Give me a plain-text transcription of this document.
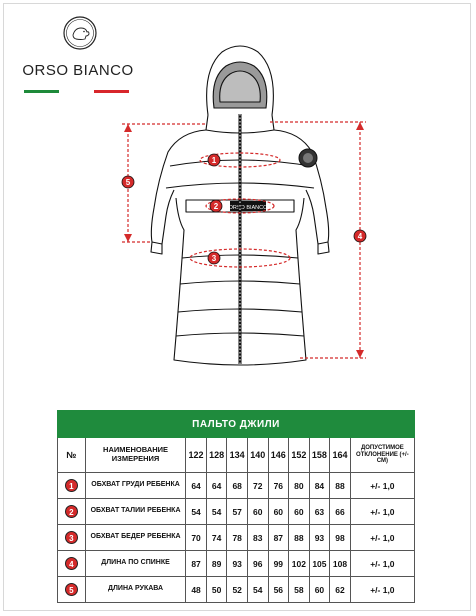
ORSO BIANCO
ORSO BIANCO
1
2
3
4
5
ПАЛЬТО ДЖИЛИ										
№	НАИМЕНОВАНИЕ ИЗМЕРЕНИЯ	122	128	134	140	146	152	158	164	ДОПУСТИМОЕ ОТКЛОНЕНИЕ (+/-СМ)
1	ОБХВАТ ГРУДИ РЕБЕНКА	64	64	68	72	76	80	84	88	+/- 1,0
2	ОБХВАТ ТАЛИИ РЕБЕНКА	54	54	57	60	60	60	63	66	+/- 1,0
3	ОБХВАТ БЕДЕР РЕБЕНКА	70	74	78	83	87	88	93	98	+/- 1,0
4	ДЛИНА ПО СПИНКЕ	87	89	93	96	99	102	105	108	+/- 1,0
5	ДЛИНА РУКАВА	48	50	52	54	56	58	60	62	+/- 1,0
